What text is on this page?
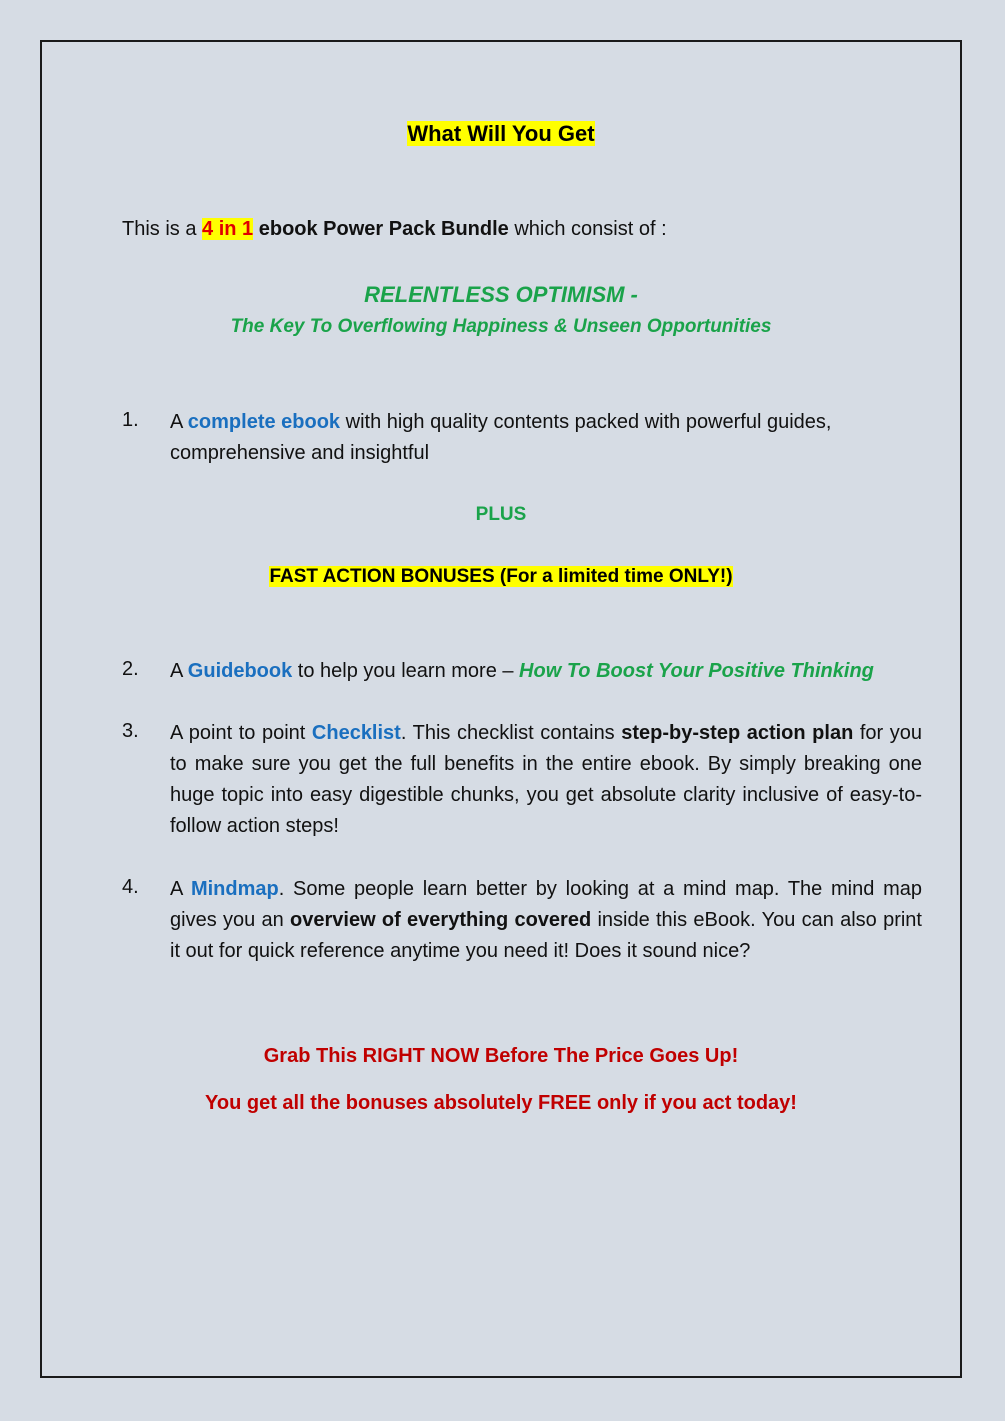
What Will You Get
This is a 4 in 1 ebook Power Pack Bundle which consist of :
RELENTLESS OPTIMISM -
The Key To Overflowing Happiness & Unseen Opportunities
1. A complete ebook with high quality contents packed with powerful guides, comprehensive and insightful
PLUS
FAST ACTION BONUSES (For a limited time ONLY!)
2. A Guidebook to help you learn more – How To Boost Your Positive Thinking
3. A point to point Checklist. This checklist contains step-by-step action plan for you to make sure you get the full benefits in the entire ebook. By simply breaking one huge topic into easy digestible chunks, you get absolute clarity inclusive of easy-to-follow action steps!
4. A Mindmap. Some people learn better by looking at a mind map. The mind map gives you an overview of everything covered inside this eBook. You can also print it out for quick reference anytime you need it! Does it sound nice?
Grab This RIGHT NOW Before The Price Goes Up!
You get all the bonuses absolutely FREE only if you act today!
